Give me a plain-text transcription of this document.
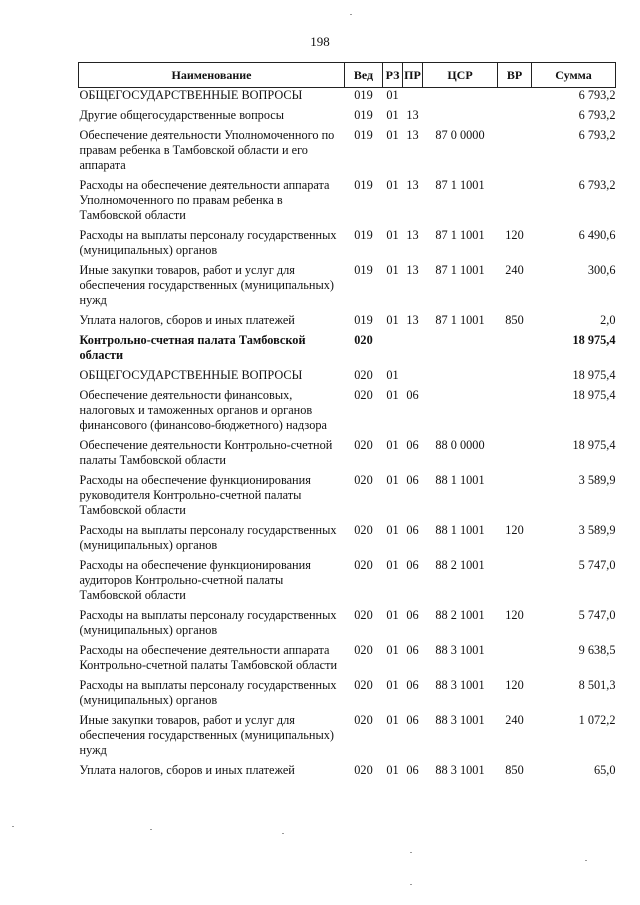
198
Наименование	Вед	РЗ	ПР	ЦСР	ВР	Сумма
ОБЩЕГОСУДАРСТВЕННЫЕ ВОПРОСЫ	019	01				6 793,2
Другие общегосударственные вопросы	019	01	13			6 793,2
Обеспечение деятельности Уполномоченного по правам ребенка в Тамбовской области и его аппарата	019	01	13	87 0 0000		6 793,2
Расходы на обеспечение деятельности аппарата Уполномоченного по правам ребенка в Тамбовской области	019	01	13	87 1 1001		6 793,2
Расходы на выплаты персоналу государственных (муниципальных) органов	019	01	13	87 1 1001	120	6 490,6
Иные закупки товаров, работ и услуг для обеспечения государственных (муниципальных) нужд	019	01	13	87 1 1001	240	300,6
Уплата налогов, сборов и иных платежей	019	01	13	87 1 1001	850	2,0
Контрольно-счетная палата Тамбовской области	020					18 975,4
ОБЩЕГОСУДАРСТВЕННЫЕ ВОПРОСЫ	020	01				18 975,4
Обеспечение деятельности финансовых, налоговых и таможенных органов и органов финансового (финансово-бюджетного) надзора	020	01	06			18 975,4
Обеспечение деятельности Контрольно-счетной палаты Тамбовской области	020	01	06	88 0 0000		18 975,4
Расходы на обеспечение функционирования руководителя Контрольно-счетной палаты Тамбовской области	020	01	06	88 1 1001		3 589,9
Расходы на выплаты персоналу государственных (муниципальных) органов	020	01	06	88 1 1001	120	3 589,9
Расходы на обеспечение функционирования аудиторов Контрольно-счетной палаты Тамбовской области	020	01	06	88 2 1001		5 747,0
Расходы на выплаты персоналу государственных (муниципальных) органов	020	01	06	88 2 1001	120	5 747,0
Расходы на обеспечение деятельности аппарата Контрольно-счетной палаты Тамбовской области	020	01	06	88 3 1001		9 638,5
Расходы на выплаты персоналу государственных (муниципальных) органов	020	01	06	88 3 1001	120	8 501,3
Иные закупки товаров, работ и услуг для обеспечения государственных (муниципальных) нужд	020	01	06	88 3 1001	240	1 072,2
Уплата налогов, сборов и иных платежей	020	01	06	88 3 1001	850	65,0
